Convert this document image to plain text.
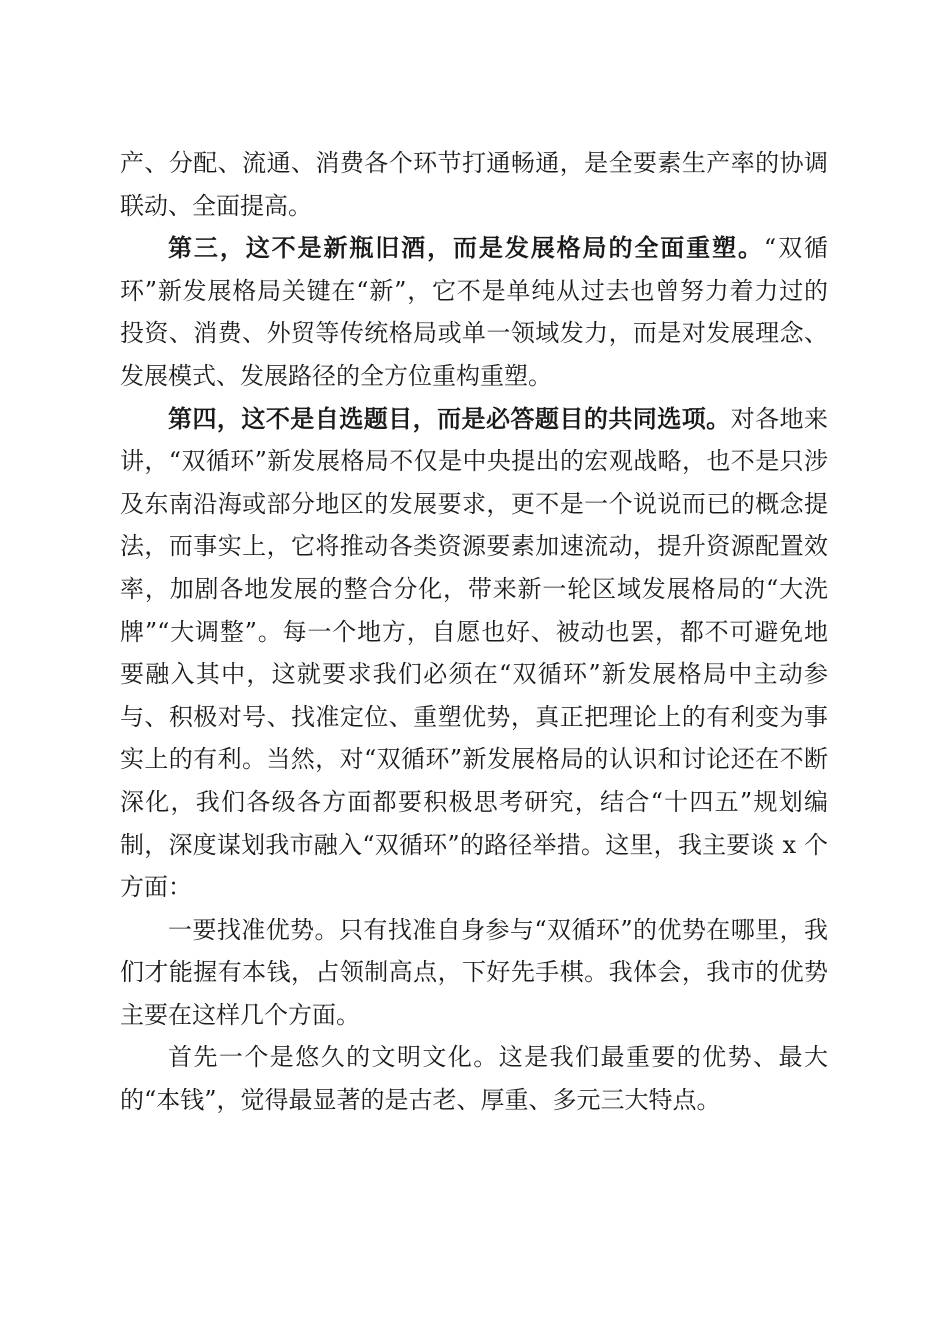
产、分配、流通、消费各个环节打通畅通，是全要素生产率的协调联动、全面提高。

第三，这不是新瓶旧酒，而是发展格局的全面重塑。“双循环”新发展格局关键在“新”，它不是单纯从过去也曾努力着力过的投资、消费、外贸等传统格局或单一领域发力，而是对发展理念、发展模式、发展路径的全方位重构重塑。

第四，这不是自选题目，而是必答题目的共同选项。对各地来讲，“双循环”新发展格局不仅是中央提出的宏观战略，也不是只涉及东南沿海或部分地区的发展要求，更不是一个说说而已的概念提法，而事实上，它将推动各类资源要素加速流动，提升资源配置效率，加剧各地发展的整合分化，带来新一轮区域发展格局的“大洗牌”“大调整”。每一个地方，自愿也好、被动也罢，都不可避免地要融入其中，这就要求我们必须在“双循环”新发展格局中主动参与、积极对号、找准定位、重塑优势，真正把理论上的有利变为事实上的有利。当然，对“双循环”新发展格局的认识和讨论还在不断深化，我们各级各方面都要积极思考研究，结合“十四五”规划编制，深度谋划我市融入“双循环”的路径举措。这里，我主要谈 x 个方面：

一要找准优势。只有找准自身参与“双循环”的优势在哪里，我们才能握有本钱，占领制高点，下好先手棋。我体会，我市的优势主要在这样几个方面。

首先一个是悠久的文明文化。这是我们最重要的优势、最大的“本钱”，觉得最显著的是古老、厚重、多元三大特点。
